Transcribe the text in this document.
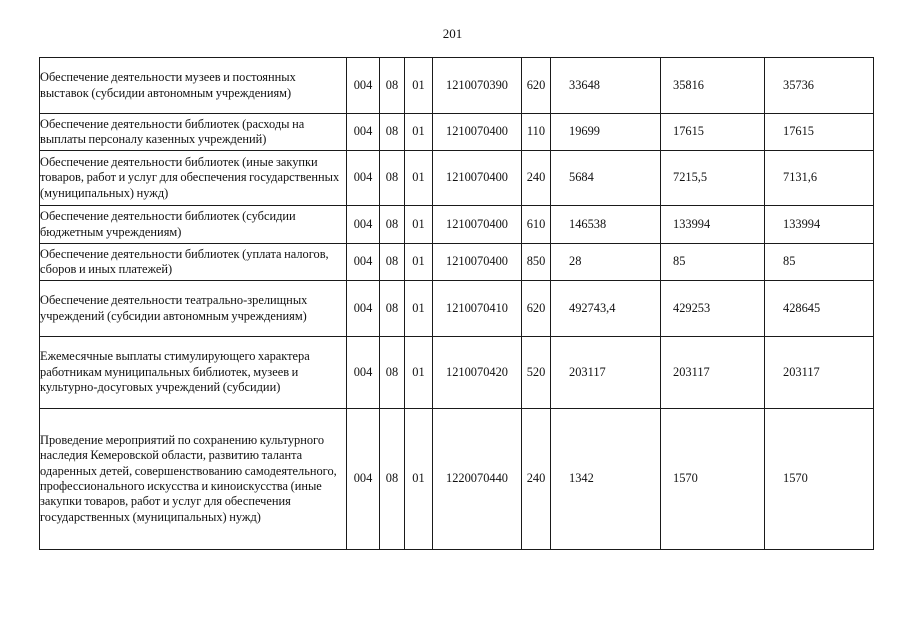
201
Обеспечение деятельности музеев и постоянных выставок (субсидии автономным учреждениям)	004	08	01	1210070390	620	33648	35816	35736
Обеспечение деятельности библиотек (расходы на выплаты персоналу казенных учреждений)	004	08	01	1210070400	110	19699	17615	17615
Обеспечение деятельности библиотек (иные закупки товаров, работ и услуг для обеспечения государственных (муниципальных) нужд)	004	08	01	1210070400	240	5684	7215,5	7131,6
Обеспечение деятельности библиотек (субсидии бюджетным учреждениям)	004	08	01	1210070400	610	146538	133994	133994
Обеспечение деятельности библиотек (уплата налогов, сборов и иных платежей)	004	08	01	1210070400	850	28	85	85
Обеспечение деятельности театрально-зрелищных учреждений (субсидии автономным учреждениям)	004	08	01	1210070410	620	492743,4	429253	428645
Ежемесячные выплаты стимулирующего характера работникам муниципальных библиотек, музеев и культурно-досуговых учреждений (субсидии)	004	08	01	1210070420	520	203117	203117	203117
Проведение мероприятий по сохранению культурного наследия Кемеровской области, развитию таланта одаренных детей, совершенствованию самодеятельного, профессионального искусства и киноискусства (иные закупки товаров, работ и услуг для обеспечения государственных (муниципальных) нужд)	004	08	01	1220070440	240	1342	1570	1570
